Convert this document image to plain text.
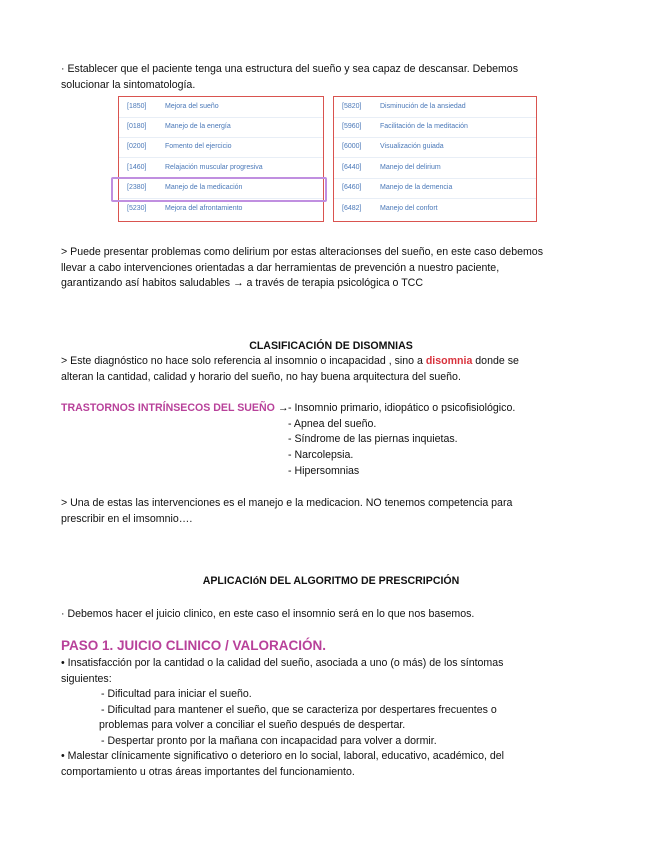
· Establecer que el paciente tenga una estructura del sueño y sea capaz de descansar. Debemos
solucionar la sintomatología.
[1850]	Mejora del sueño
[0180]	Manejo de la energía
[0200]	Fomento del ejercicio
[1460]	Relajación muscular progresiva
[2380]	Manejo de la medicación
[5230]	Mejora del afrontamiento
[5820]	Disminución de la ansiedad
[5960]	Facilitación de la meditación
[6000]	Visualización guiada
[6440]	Manejo del delirium
[6460]	Manejo de la demencia
[6482]	Manejo del confort
> Puede presentar problemas como delirium por estas alteracionses del sueño, en este caso debemos
llevar a cabo intervenciones orientadas a dar herramientas de prevención a nuestro paciente,
garantizando así habitos saludables → a través de terapia psicológica o TCC
CLASIFICACIÓN DE DISOMNIAS
> Este diagnóstico no hace solo referencia al insomnio o incapacidad , sino a disomnia donde se
alteran la cantidad, calidad y horario del sueño, no hay buena arquitectura del sueño.
TRASTORNOS INTRÍNSECOS DEL SUEÑO → - Insomnio primario, idiopático o psicofisiológico.
- Apnea del sueño.
- Síndrome de las piernas inquietas.
- Narcolepsia.
- Hipersomnias
> Una de estas las intervenciones es el manejo e la medicacion. NO tenemos competencia para
prescribir en el imsomnio….
APLICACIóN DEL ALGORITMO DE PRESCRIPCIÓN
· Debemos hacer el juicio clinico, en este caso el insomnio será en lo que nos basemos.
PASO 1. JUICIO CLINICO / VALORACIÓN.
• Insatisfacción por la cantidad o la calidad del sueño, asociada a uno (o más) de los síntomas
siguientes:
- Dificultad para iniciar el sueño.
- Dificultad para mantener el sueño, que se caracteriza por despertares frecuentes o
problemas para volver a conciliar el sueño después de despertar.
- Despertar pronto por la mañana con incapacidad para volver a dormir.
• Malestar clínicamente significativo o deterioro en lo social, laboral, educativo, académico, del
comportamiento u otras áreas importantes del funcionamiento.
